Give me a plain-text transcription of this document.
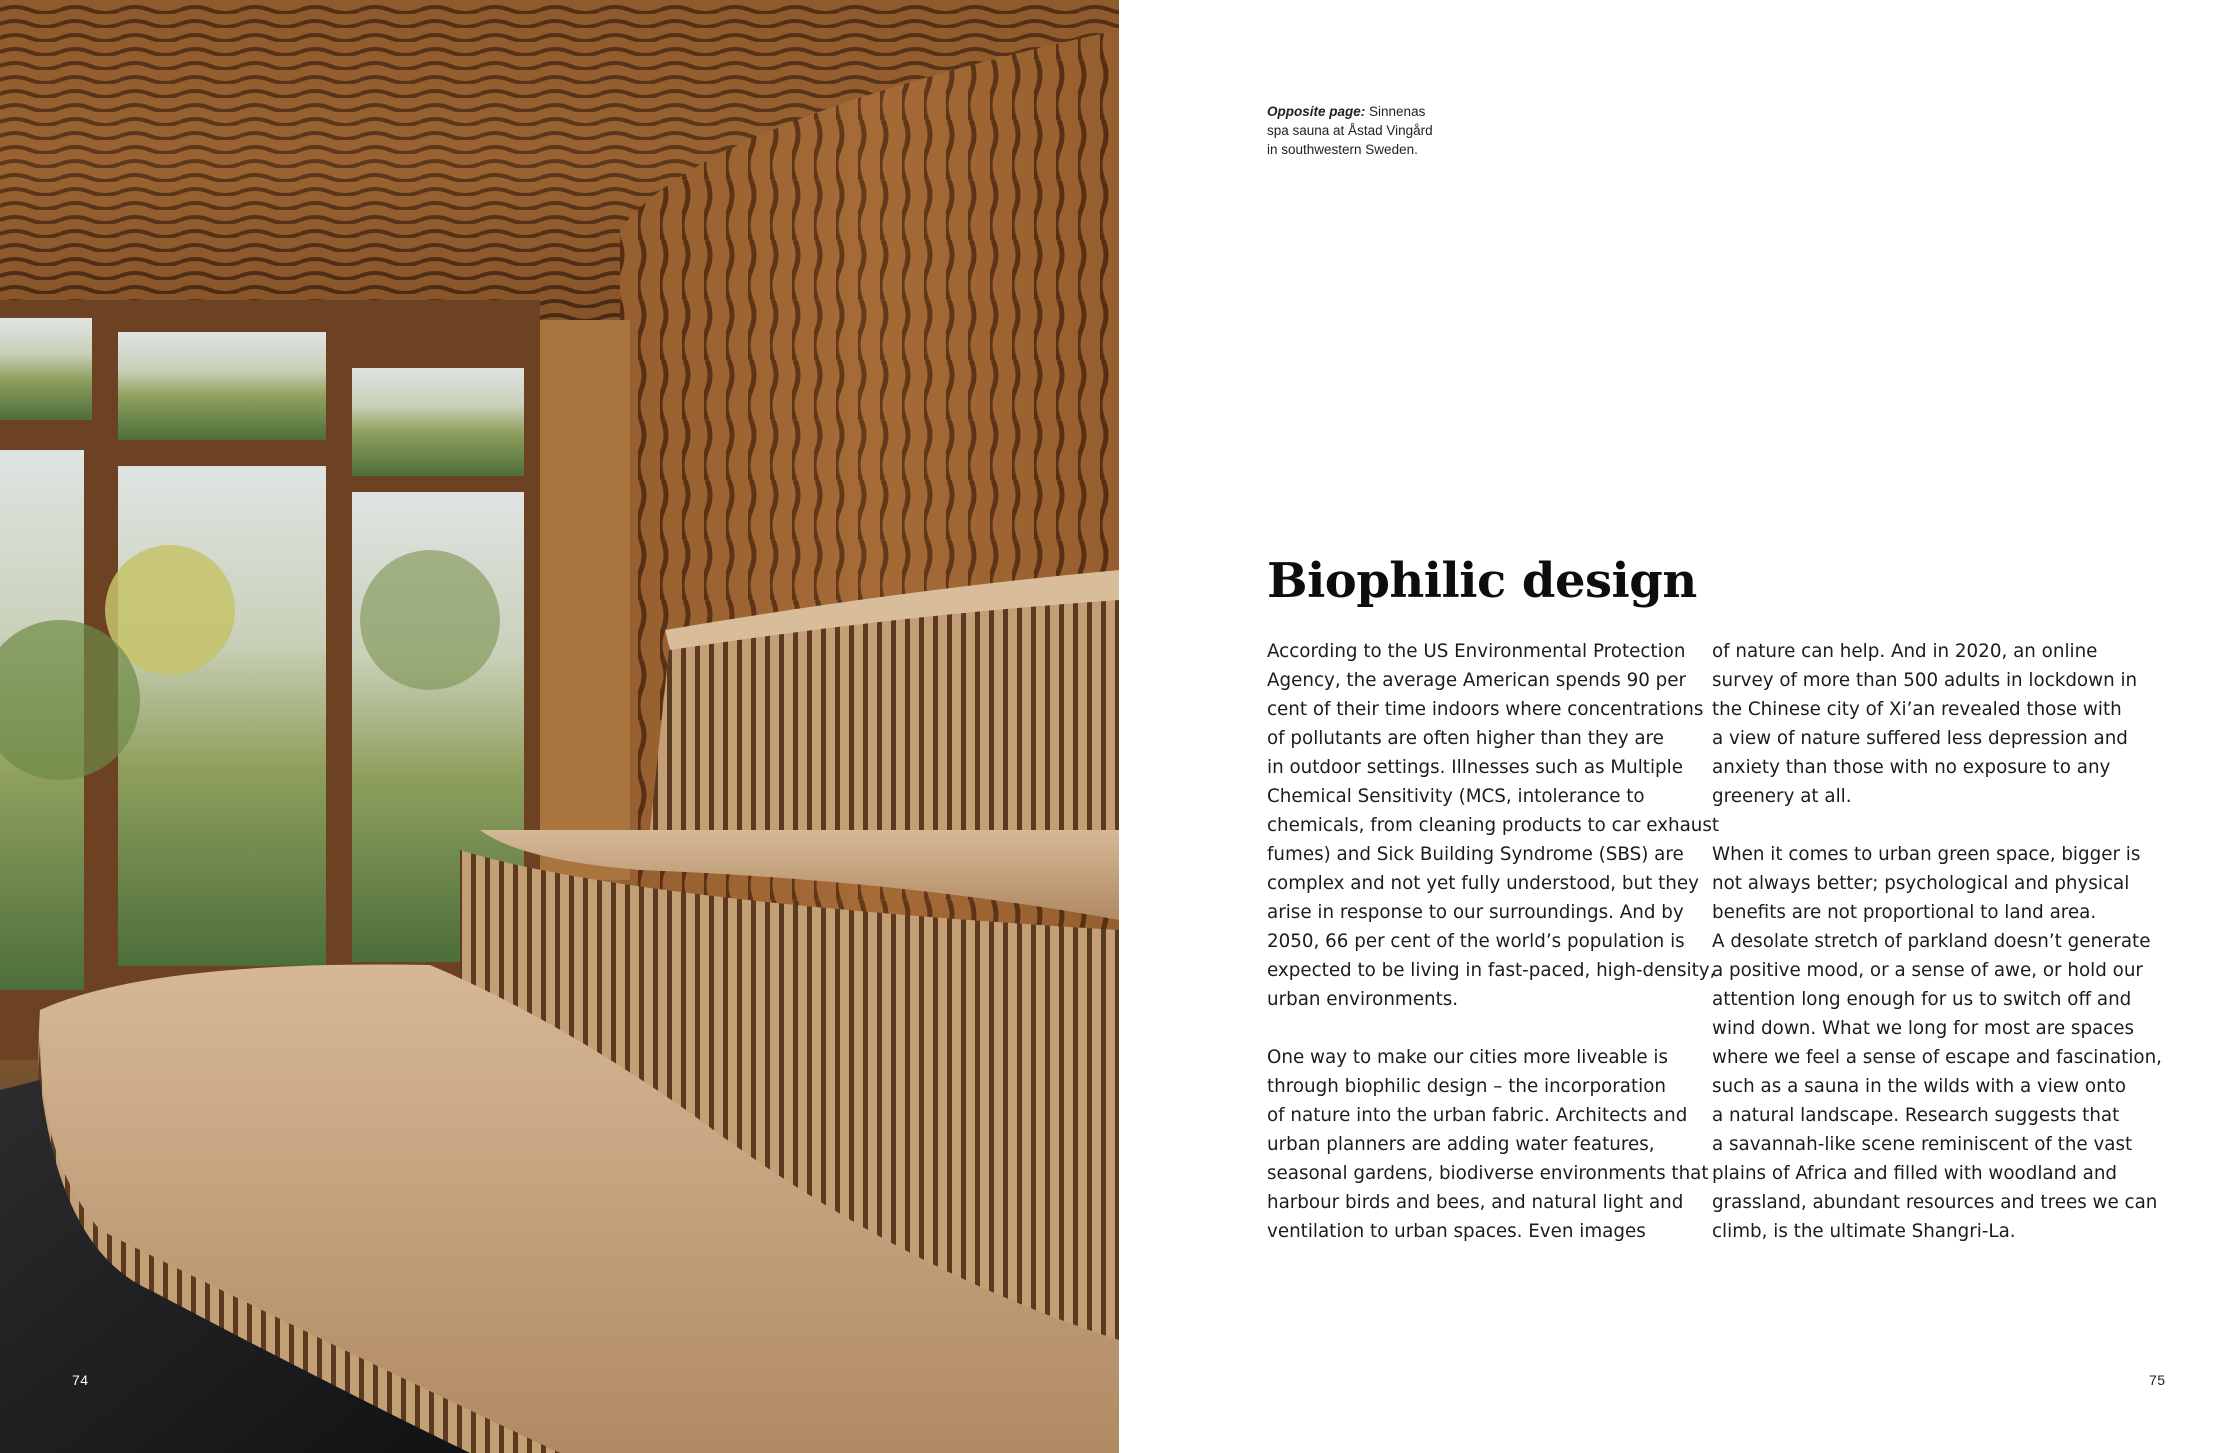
74
Opposite page: Sinnenas
spa sauna at Åstad Vingård
in southwestern Sweden.
Biophilic design
According to the US Environmental Protection
Agency, the average American spends 90 per
cent of their time indoors where concentrations
of pollutants are often higher than they are
in outdoor settings. Illnesses such as Multiple
Chemical Sensitivity (MCS, intolerance to
chemicals, from cleaning products to car exhaust
fumes) and Sick Building Syndrome (SBS) are
complex and not yet fully understood, but they
arise in response to our surroundings. And by
2050, 66 per cent of the world’s population is
expected to be living in fast-paced, high-density,
urban environments.
One way to make our cities more liveable is
through biophilic design – the incorporation
of nature into the urban fabric. Architects and
urban planners are adding water features,
seasonal gardens, biodiverse environments that
harbour birds and bees, and natural light and
ventilation to urban spaces. Even images
of nature can help. And in 2020, an online
survey of more than 500 adults in lockdown in
the Chinese city of Xi’an revealed those with
a view of nature suffered less depression and
anxiety than those with no exposure to any
greenery at all.
When it comes to urban green space, bigger is
not always better; psychological and physical
benefits are not proportional to land area.
A desolate stretch of parkland doesn’t generate
a positive mood, or a sense of awe, or hold our
attention long enough for us to switch off and
wind down. What we long for most are spaces
where we feel a sense of escape and fascination,
such as a sauna in the wilds with a view onto
a natural landscape. Research suggests that
a savannah-like scene reminiscent of the vast
plains of Africa and filled with woodland and
grassland, abundant resources and trees we can
climb, is the ultimate Shangri-La.
75
